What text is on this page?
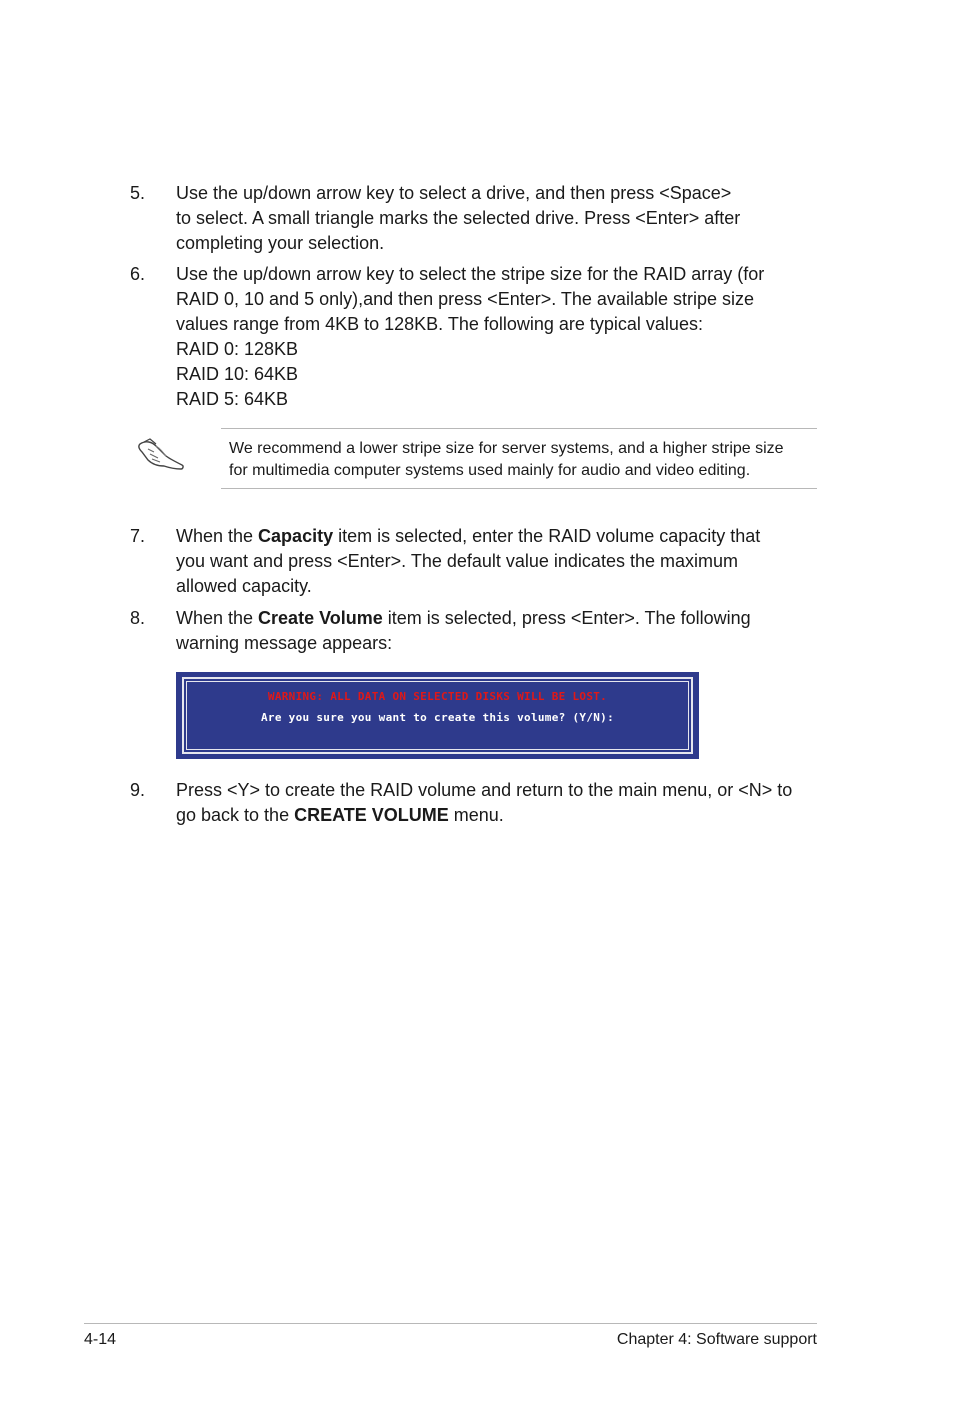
5. Use the up/down arrow key to select a drive, and then press <Space>
to select. A small triangle marks the selected drive. Press <Enter> after
completing your selection.
6. Use the up/down arrow key to select the stripe size for the RAID array (for
RAID 0, 10 and 5 only),and then press <Enter>. The available stripe size
values range from 4KB to 128KB. The following are typical values:
RAID 0: 128KB
RAID 10: 64KB
RAID 5: 64KB
We recommend a lower stripe size for server systems, and a higher stripe size
for multimedia computer systems used mainly for audio and video editing.
7. When the Capacity item is selected, enter the RAID volume capacity that
you want and press <Enter>. The default value indicates the maximum
allowed capacity.
8. When the Create Volume item is selected, press <Enter>. The following
warning message appears:
WARNING: ALL DATA ON SELECTED DISKS WILL BE LOST.
Are you sure you want to create this volume? (Y/N):
9. Press <Y> to create the RAID volume and return to the main menu, or <N> to
go back to the CREATE VOLUME menu.
4-14	Chapter 4: Software support
